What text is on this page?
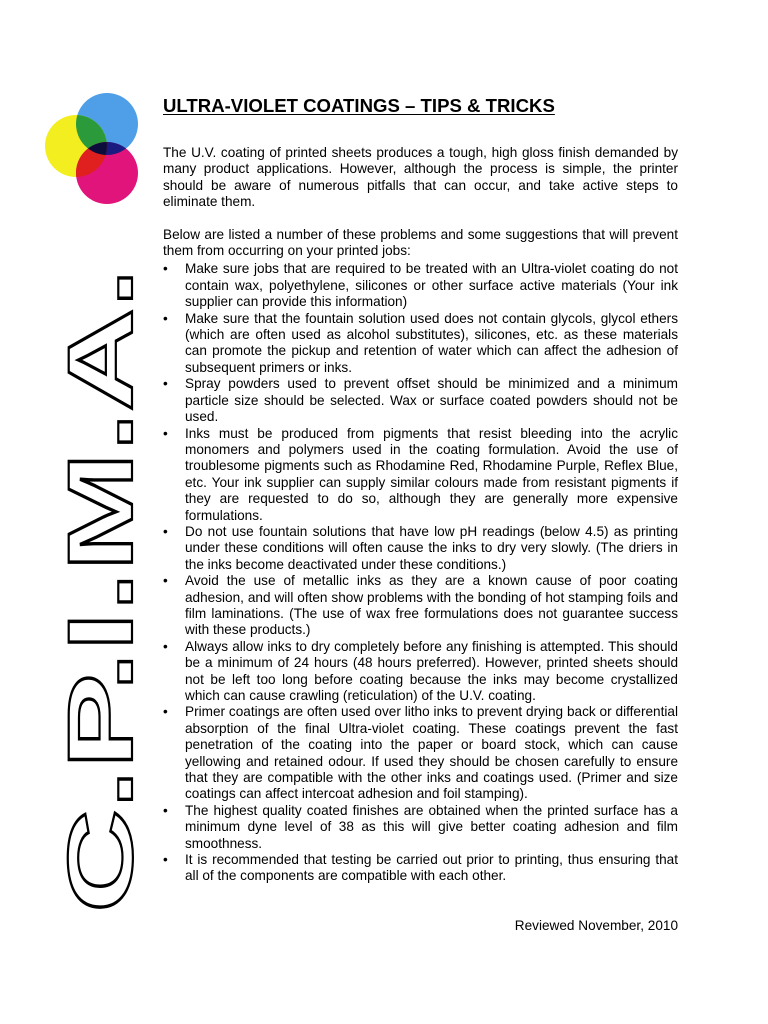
C.P.I.M.A.
ULTRA-VIOLET COATINGS – TIPS & TRICKS

The U.V. coating of printed sheets produces a tough, high gloss finish demanded by many product applications. However, although the process is simple, the printer should be aware of numerous pitfalls that can occur, and take active steps to eliminate them.

Below are listed a number of these problems and some suggestions that will prevent them from occurring on your printed jobs:

• Make sure jobs that are required to be treated with an Ultra-violet coating do not contain wax, polyethylene, silicones or other surface active materials (Your ink supplier can provide this information)
• Make sure that the fountain solution used does not contain glycols, glycol ethers (which are often used as alcohol substitutes), silicones, etc. as these materials can promote the pickup and retention of water which can affect the adhesion of subsequent primers or inks.
• Spray powders used to prevent offset should be minimized and a minimum particle size should be selected. Wax or surface coated powders should not be used.
• Inks must be produced from pigments that resist bleeding into the acrylic monomers and polymers used in the coating formulation. Avoid the use of troublesome pigments such as Rhodamine Red, Rhodamine Purple, Reflex Blue, etc. Your ink supplier can supply similar colours made from resistant pigments if they are requested to do so, although they are generally more expensive formulations.
• Do not use fountain solutions that have low pH readings (below 4.5) as printing under these conditions will often cause the inks to dry very slowly. (The driers in the inks become deactivated under these conditions.)
• Avoid the use of metallic inks as they are a known cause of poor coating adhesion, and will often show problems with the bonding of hot stamping foils and film laminations. (The use of wax free formulations does not guarantee success with these products.)
• Always allow inks to dry completely before any finishing is attempted. This should be a minimum of 24 hours (48 hours preferred). However, printed sheets should not be left too long before coating because the inks may become crystallized which can cause crawling (reticulation) of the U.V. coating.
• Primer coatings are often used over litho inks to prevent drying back or differential absorption of the final Ultra-violet coating. These coatings prevent the fast penetration of the coating into the paper or board stock, which can cause yellowing and retained odour. If used they should be chosen carefully to ensure that they are compatible with the other inks and coatings used. (Primer and size coatings can affect intercoat adhesion and foil stamping).
• The highest quality coated finishes are obtained when the printed surface has a minimum dyne level of 38 as this will give better coating adhesion and film smoothness.
• It is recommended that testing be carried out prior to printing, thus ensuring that all of the components are compatible with each other.
Reviewed November, 2010
